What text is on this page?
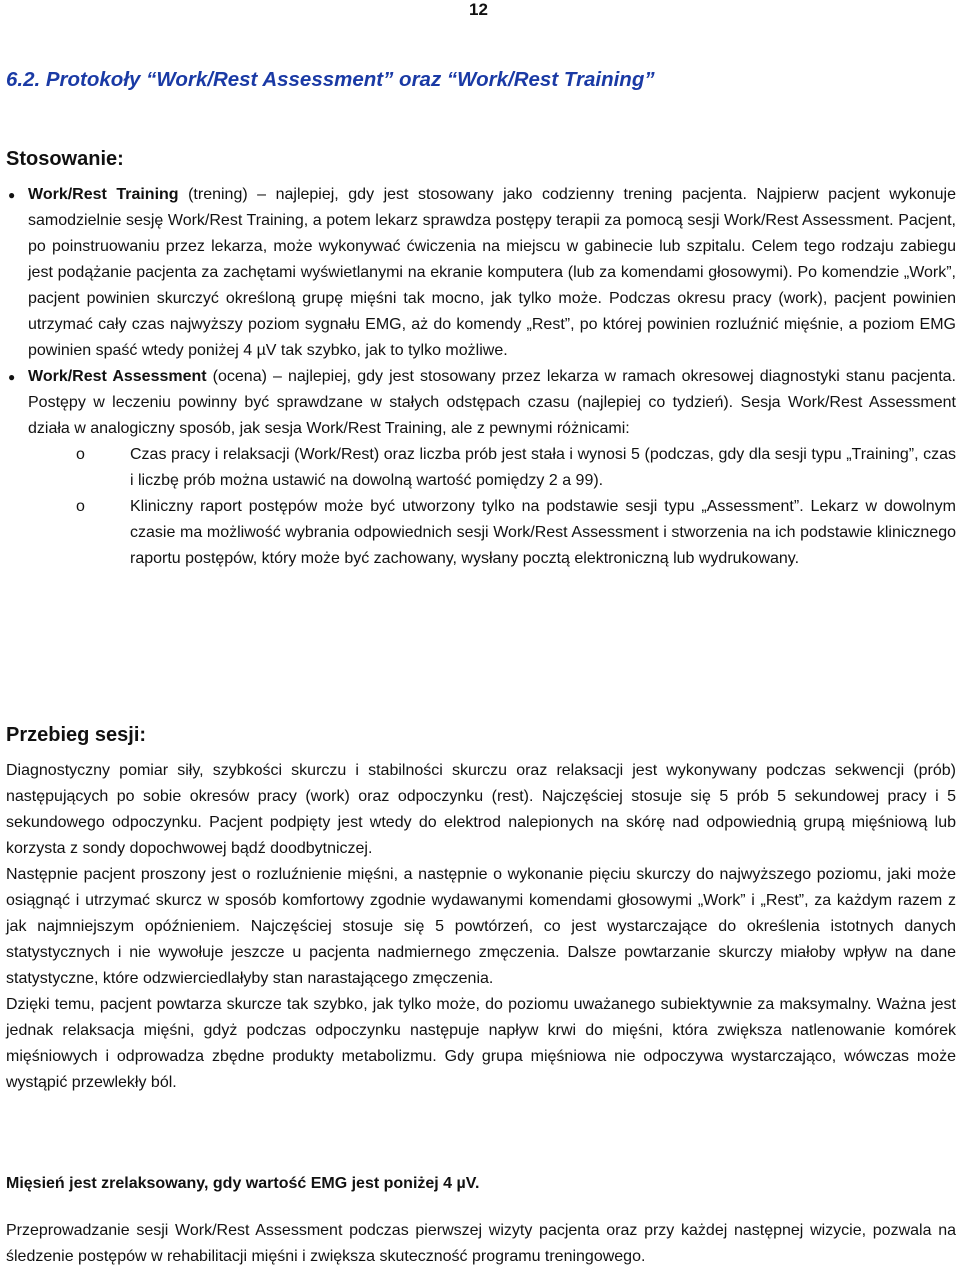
12
6.2. Protokoły “Work/Rest Assessment” oraz “Work/Rest Training”
Stosowanie:
● Work/Rest Training (trening) – najlepiej, gdy jest stosowany jako codzienny trening pacjenta. Najpierw pacjent wykonuje samodzielnie sesję Work/Rest Training, a potem lekarz sprawdza postępy terapii za pomocą sesji Work/Rest Assessment. Pacjent, po poinstruowaniu przez lekarza, może wykonywać ćwiczenia na miejscu w gabinecie lub szpitalu. Celem tego rodzaju zabiegu jest podążanie pacjenta za zachętami wyświetlanymi na ekranie komputera (lub za komendami głosowymi). Po komendzie „Work”, pacjent powinien skurczyć określoną grupę mięśni tak mocno, jak tylko może. Podczas okresu pracy (work), pacjent powinien utrzymać cały czas najwyższy poziom sygnału EMG, aż do komendy „Rest”, po której powinien rozluźnić mięśnie, a poziom EMG powinien spaść wtedy poniżej 4 µV tak szybko, jak to tylko możliwe.
● Work/Rest Assessment (ocena) – najlepiej, gdy jest stosowany przez lekarza w ramach okresowej diagnostyki stanu pacjenta. Postępy w leczeniu powinny być sprawdzane w stałych odstępach czasu (najlepiej co tydzień). Sesja Work/Rest Assessment działa w analogiczny sposób, jak sesja Work/Rest Training, ale z pewnymi różnicami:
o	Czas pracy i relaksacji (Work/Rest) oraz liczba prób jest stała i wynosi 5 (podczas, gdy dla sesji typu „Training”, czas i liczbę prób można ustawić na dowolną wartość pomiędzy 2 a 99).
o	Kliniczny raport postępów może być utworzony tylko na podstawie sesji typu „Assessment”. Lekarz w dowolnym czasie ma możliwość wybrania odpowiednich sesji Work/Rest Assessment i stworzenia na ich podstawie klinicznego raportu postępów, który może być zachowany, wysłany pocztą elektroniczną lub wydrukowany.
Przebieg sesji:

Diagnostyczny pomiar siły, szybkości skurczu i stabilności skurczu oraz relaksacji jest wykonywany podczas sekwencji (prób) następujących po sobie okresów pracy (work) oraz odpoczynku (rest). Najczęściej stosuje się 5 prób 5 sekundowej pracy i 5 sekundowego odpoczynku. Pacjent podpięty jest wtedy do elektrod nalepionych na skórę nad odpowiednią grupą mięśniową lub korzysta z sondy dopochwowej bądź doodbytniczej.

Następnie pacjent proszony jest o rozluźnienie mięśni, a następnie o wykonanie pięciu skurczy do najwyższego poziomu, jaki może osiągnąć i utrzymać skurcz w sposób komfortowy zgodnie wydawanymi komendami głosowymi „Work” i „Rest”, za każdym razem z jak najmniejszym opóźnieniem. Najczęściej stosuje się 5 powtórzeń, co jest wystarczające do określenia istotnych danych statystycznych i nie wywołuje jeszcze u pacjenta nadmiernego zmęczenia. Dalsze powtarzanie skurczy miałoby wpływ na dane statystyczne, które odzwierciedlałyby stan narastającego zmęczenia.

Dzięki temu, pacjent powtarza skurcze tak szybko, jak tylko może, do poziomu uważanego subiektywnie za maksymalny. Ważna jest jednak relaksacja mięśni, gdyż podczas odpoczynku następuje napływ krwi do mięśni, która zwiększa natlenowanie komórek mięśniowych i odprowadza zbędne produkty metabolizmu. Gdy grupa mięśniowa nie odpoczywa wystarczająco, wówczas może wystąpić przewlekły ból.

Mięsień jest zrelaksowany, gdy wartość EMG jest poniżej 4 µV.

Przeprowadzanie sesji Work/Rest Assessment podczas pierwszej wizyty pacjenta oraz przy każdej następnej wizycie, pozwala na śledzenie postępów w rehabilitacji mięśni i zwiększa skuteczność programu treningowego.
